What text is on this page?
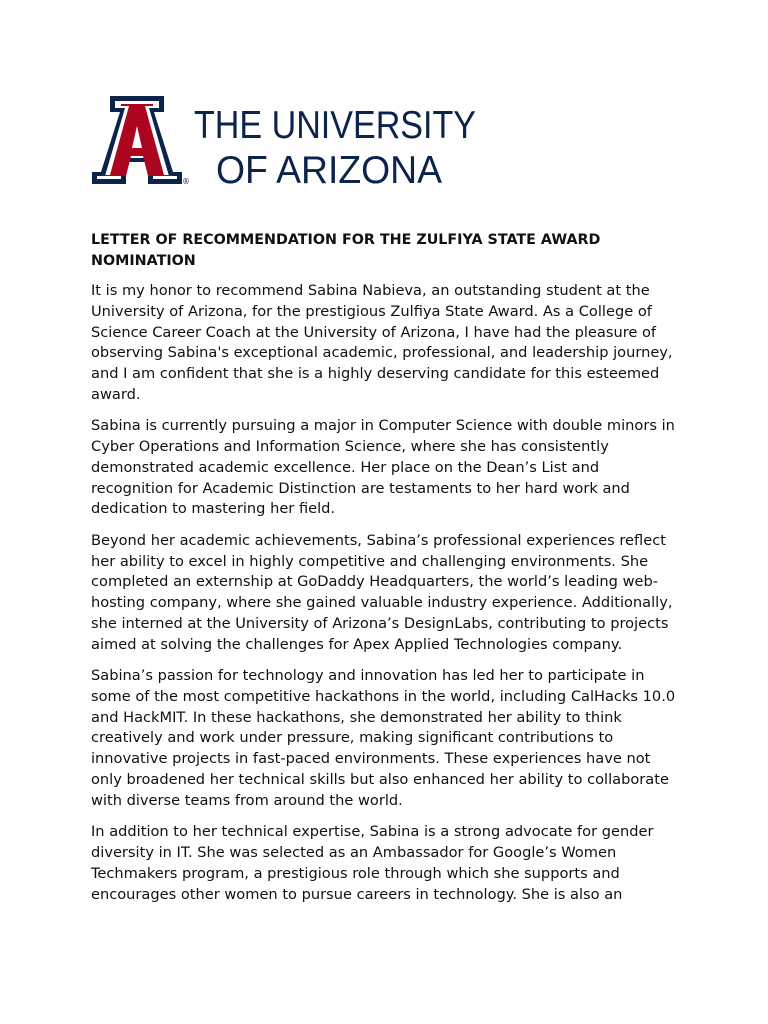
®
THE UNIVERSITY
OF ARIZONA
LETTER OF RECOMMENDATION FOR THE ZULFIYA STATE AWARD NOMINATION

It is my honor to recommend Sabina Nabieva, an outstanding student at the University of Arizona, for the prestigious Zulfiya State Award. As a College of Science Career Coach at the University of Arizona, I have had the pleasure of observing Sabina's exceptional academic, professional, and leadership journey, and I am confident that she is a highly deserving candidate for this esteemed award.

Sabina is currently pursuing a major in Computer Science with double minors in Cyber Operations and Information Science, where she has consistently demonstrated academic excellence. Her place on the Dean’s List and recognition for Academic Distinction are testaments to her hard work and dedication to mastering her field.

Beyond her academic achievements, Sabina’s professional experiences reflect her ability to excel in highly competitive and challenging environments. She completed an externship at GoDaddy Headquarters, the world’s leading web-hosting company, where she gained valuable industry experience. Additionally, she interned at the University of Arizona’s DesignLabs, contributing to projects aimed at solving the challenges for Apex Applied Technologies company.

Sabina’s passion for technology and innovation has led her to participate in some of the most competitive hackathons in the world, including CalHacks 10.0 and HackMIT. In these hackathons, she demonstrated her ability to think creatively and work under pressure, making significant contributions to innovative projects in fast-paced environments. These experiences have not only broadened her technical skills but also enhanced her ability to collaborate with diverse teams from around the world.

In addition to her technical expertise, Sabina is a strong advocate for gender diversity in IT. She was selected as an Ambassador for Google’s Women Techmakers program, a prestigious role through which she supports and encourages other women to pursue careers in technology. She is also an
